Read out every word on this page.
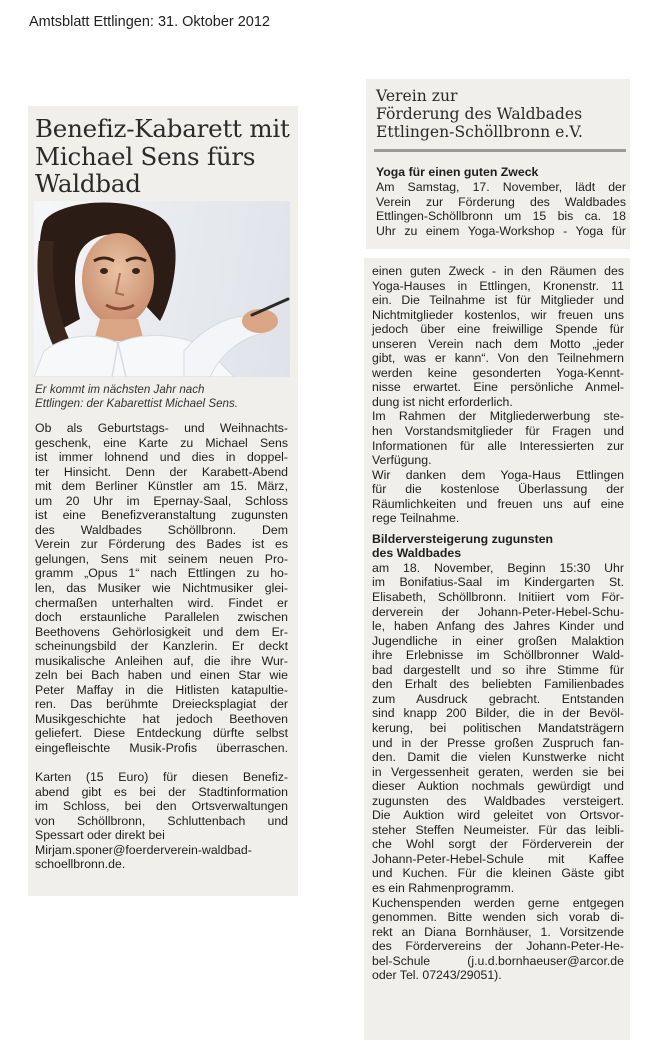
Amtsblatt Ettlingen: 31. Oktober 2012
Benefiz-Kabarett mit
Michael Sens fürs
Waldbad
Er kommt im nächsten Jahr nach
Ettlingen: der Kabarettist Michael Sens.
Ob als Geburtstags- und Weihnachts-
geschenk, eine Karte zu Michael Sens
ist immer lohnend und dies in doppel-
ter Hinsicht. Denn der Karabett-Abend
mit dem Berliner Künstler am 15. März,
um 20 Uhr im Epernay-Saal, Schloss
ist eine Benefizveranstaltung zugunsten
des Waldbades Schöllbronn. Dem
Verein zur Förderung des Bades ist es
gelungen, Sens mit seinem neuen Pro-
gramm „Opus 1“ nach Ettlingen zu ho-
len, das Musiker wie Nichtmusiker glei-
chermaßen unterhalten wird. Findet er
doch erstaunliche Parallelen zwischen
Beethovens Gehörlosigkeit und dem Er-
scheinungsbild der Kanzlerin. Er deckt
musikalische Anleihen auf, die ihre Wur-
zeln bei Bach haben und einen Star wie
Peter Maffay in die Hitlisten katapultie-
ren. Das berühmte Dreiecksplagiat der
Musikgeschichte hat jedoch Beethoven
geliefert. Diese Entdeckung dürfte selbst
eingefleischte Musik-Profis überraschen.
Karten (15 Euro) für diesen Benefiz-
abend gibt es bei der Stadtinformation
im Schloss, bei den Ortsverwaltungen
von Schöllbronn, Schluttenbach und
Spessart oder direkt bei
Mirjam.sponer@foerderverein-waldbad-
schoellbronn.de.
Verein zur
Förderung des Waldbades
Ettlingen-Schöllbronn e.V.
Yoga für einen guten Zweck
Am Samstag, 17. November, lädt der
Verein zur Förderung des Waldbades
Ettlingen-Schöllbronn um 15 bis ca. 18
Uhr zu einem Yoga-Workshop - Yoga für
einen guten Zweck - in den Räumen des
Yoga-Hauses in Ettlingen, Kronenstr. 11
ein. Die Teilnahme ist für Mitglieder und
Nichtmitglieder kostenlos, wir freuen uns
jedoch über eine freiwillige Spende für
unseren Verein nach dem Motto „jeder
gibt, was er kann“. Von den Teilnehmern
werden keine gesonderten Yoga-Kennt-
nisse erwartet. Eine persönliche Anmel-
dung ist nicht erforderlich.
Im Rahmen der Mitgliederwerbung ste-
hen Vorstandsmitglieder für Fragen und
Informationen für alle Interessierten zur
Verfügung.
Wir danken dem Yoga-Haus Ettlingen
für die kostenlose Überlassung der
Räumlichkeiten und freuen uns auf eine
rege Teilnahme.
Bilderversteigerung zugunsten
des Waldbades
am 18. November, Beginn 15:30 Uhr
im Bonifatius-Saal im Kindergarten St.
Elisabeth, Schöllbronn. Initiiert vom För-
derverein der Johann-Peter-Hebel-Schu-
le, haben Anfang des Jahres Kinder und
Jugendliche in einer großen Malaktion
ihre Erlebnisse im Schöllbronner Wald-
bad dargestellt und so ihre Stimme für
den Erhalt des beliebten Familienbades
zum Ausdruck gebracht. Entstanden
sind knapp 200 Bilder, die in der Bevöl-
kerung, bei politischen Mandatsträgern
und in der Presse großen Zuspruch fan-
den. Damit die vielen Kunstwerke nicht
in Vergessenheit geraten, werden sie bei
dieser Auktion nochmals gewürdigt und
zugunsten des Waldbades versteigert.
Die Auktion wird geleitet von Ortsvor-
steher Steffen Neumeister. Für das leibli-
che Wohl sorgt der Förderverein der
Johann-Peter-Hebel-Schule mit Kaffee
und Kuchen. Für die kleinen Gäste gibt
es ein Rahmenprogramm.
Kuchenspenden werden gerne entgegen
genommen. Bitte wenden sich vorab di-
rekt an Diana Bornhäuser, 1. Vorsitzende
des Fördervereins der Johann-Peter-He-
bel-Schule (j.u.d.bornhaeuser@arcor.de
oder Tel. 07243/29051).
